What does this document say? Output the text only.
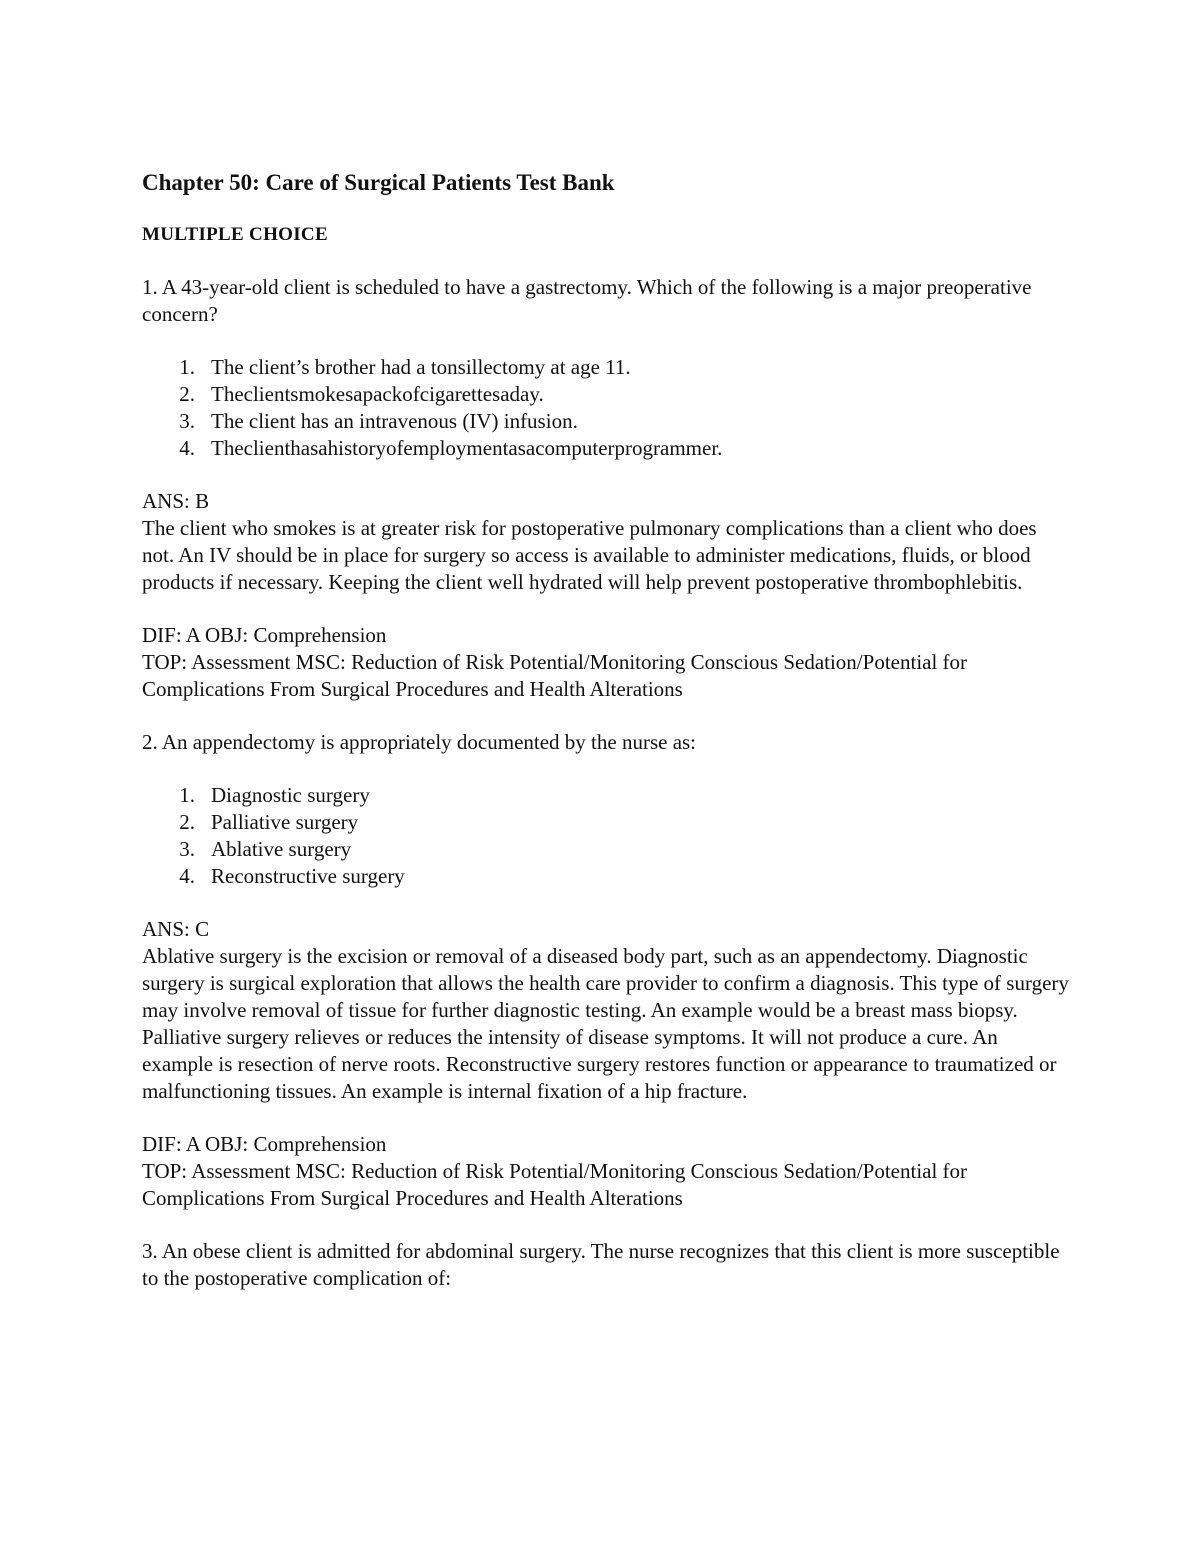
Chapter 50: Care of Surgical Patients Test Bank
MULTIPLE CHOICE
1. A 43-year-old client is scheduled to have a gastrectomy. Which of the following is a major preoperative concern?
1. The client’s brother had a tonsillectomy at age 11.
2. Theclientsmokesapackofcigarettesaday.
3. The client has an intravenous (IV) infusion.
4. Theclienthasahistoryofemploymentasacomputerprogrammer.
ANS: B
The client who smokes is at greater risk for postoperative pulmonary complications than a client who does not. An IV should be in place for surgery so access is available to administer medications, fluids, or blood products if necessary. Keeping the client well hydrated will help prevent postoperative thrombophlebitis.
DIF: A OBJ: Comprehension
TOP: Assessment MSC: Reduction of Risk Potential/Monitoring Conscious Sedation/Potential for Complications From Surgical Procedures and Health Alterations
2. An appendectomy is appropriately documented by the nurse as:
1. Diagnostic surgery
2. Palliative surgery
3. Ablative surgery
4. Reconstructive surgery
ANS: C
Ablative surgery is the excision or removal of a diseased body part, such as an appendectomy. Diagnostic surgery is surgical exploration that allows the health care provider to confirm a diagnosis. This type of surgery may involve removal of tissue for further diagnostic testing. An example would be a breast mass biopsy. Palliative surgery relieves or reduces the intensity of disease symptoms. It will not produce a cure. An example is resection of nerve roots. Reconstructive surgery restores function or appearance to traumatized or malfunctioning tissues. An example is internal fixation of a hip fracture.
DIF: A OBJ: Comprehension
TOP: Assessment MSC: Reduction of Risk Potential/Monitoring Conscious Sedation/Potential for Complications From Surgical Procedures and Health Alterations
3. An obese client is admitted for abdominal surgery. The nurse recognizes that this client is more susceptible to the postoperative complication of:
